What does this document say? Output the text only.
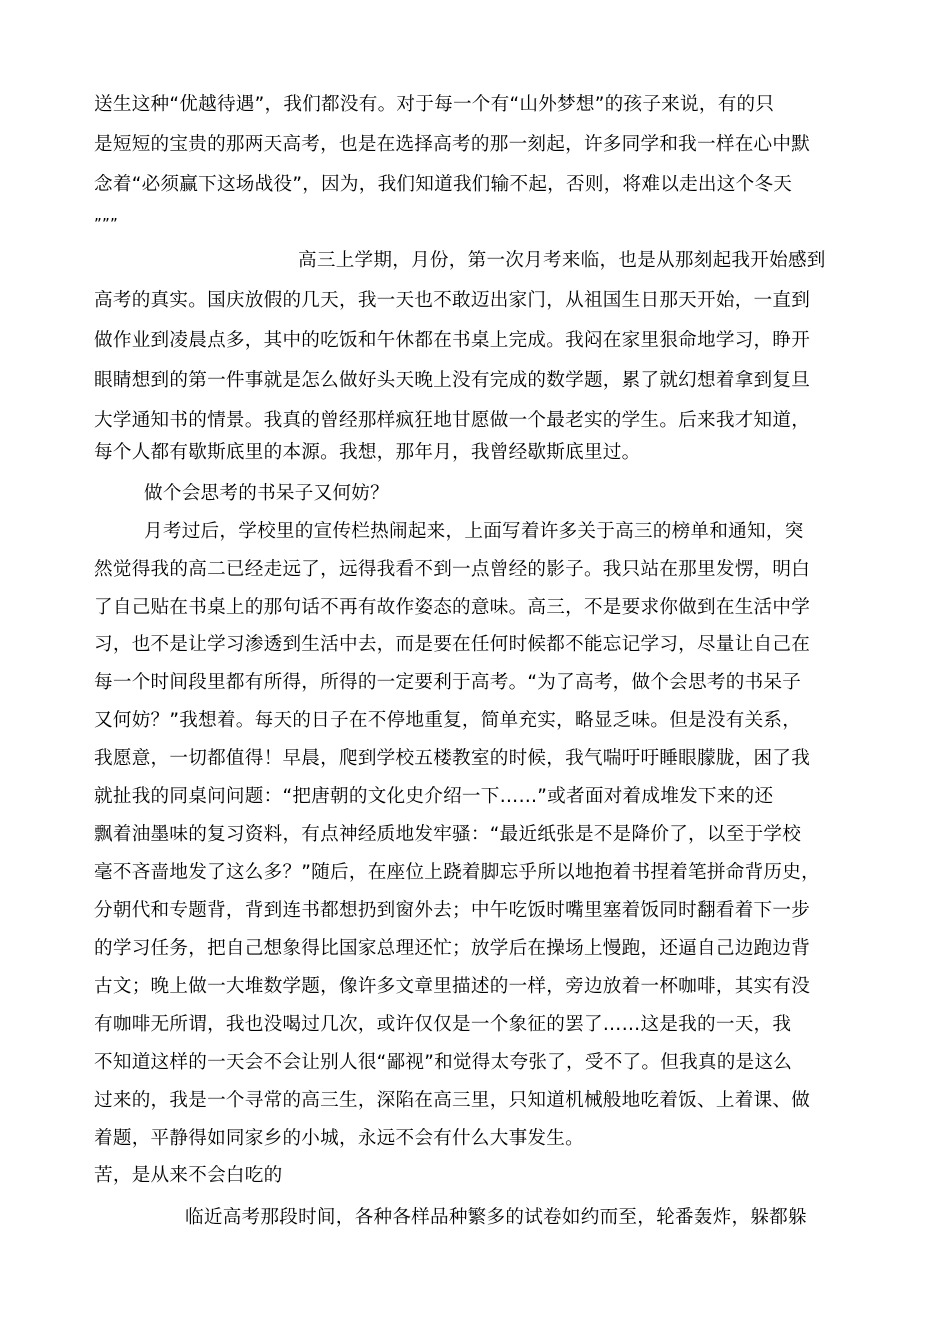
送生这种“优越待遇”，我们都没有。对于每一个有“山外梦想”的孩子来说，有的只
是短短的宝贵的那两天高考，也是在选择高考的那一刻起，许多同学和我一样在心中默
念着“必须赢下这场战役”，因为，我们知道我们输不起，否则，将难以走出这个冬天
”””
高三上学期，月份，第一次月考来临，也是从那刻起我开始感到
高考的真实。国庆放假的几天，我一天也不敢迈出家门，从祖国生日那天开始，一直到
做作业到凌晨点多，其中的吃饭和午休都在书桌上完成。我闷在家里狠命地学习，睁开
眼睛想到的第一件事就是怎么做好头天晚上没有完成的数学题，累了就幻想着拿到复旦
大学通知书的情景。我真的曾经那样疯狂地甘愿做一个最老实的学生。后来我才知道，
每个人都有歇斯底里的本源。我想，那年月，我曾经歇斯底里过。
做个会思考的书呆子又何妨？
月考过后，学校里的宣传栏热闹起来，上面写着许多关于高三的榜单和通知，突
然觉得我的高二已经走远了，远得我看不到一点曾经的影子。我只站在那里发愣，明白
了自己贴在书桌上的那句话不再有故作姿态的意味。高三，不是要求你做到在生活中学
习，也不是让学习渗透到生活中去，而是要在任何时候都不能忘记学习，尽量让自己在
每一个时间段里都有所得，所得的一定要利于高考。“为了高考，做个会思考的书呆子
又何妨？”我想着。每天的日子在不停地重复，简单充实，略显乏味。但是没有关系，
我愿意，一切都值得！早晨，爬到学校五楼教室的时候，我气喘吁吁睡眼朦胧，困了我
就扯我的同桌问问题：“把唐朝的文化史介绍一下……”或者面对着成堆发下来的还
飘着油墨味的复习资料，有点神经质地发牢骚：“最近纸张是不是降价了，以至于学校
毫不吝啬地发了这么多？”随后，在座位上跷着脚忘乎所以地抱着书捏着笔拼命背历史，
分朝代和专题背，背到连书都想扔到窗外去；中午吃饭时嘴里塞着饭同时翻看着下一步
的学习任务，把自己想象得比国家总理还忙；放学后在操场上慢跑，还逼自己边跑边背
古文；晚上做一大堆数学题，像许多文章里描述的一样，旁边放着一杯咖啡，其实有没
有咖啡无所谓，我也没喝过几次，或许仅仅是一个象征的罢了……这是我的一天，我
不知道这样的一天会不会让别人很“鄙视”和觉得太夸张了，受不了。但我真的是这么
过来的，我是一个寻常的高三生，深陷在高三里，只知道机械般地吃着饭、上着课、做
着题，平静得如同家乡的小城，永远不会有什么大事发生。
苦，是从来不会白吃的
临近高考那段时间，各种各样品种繁多的试卷如约而至，轮番轰炸，躲都躲
